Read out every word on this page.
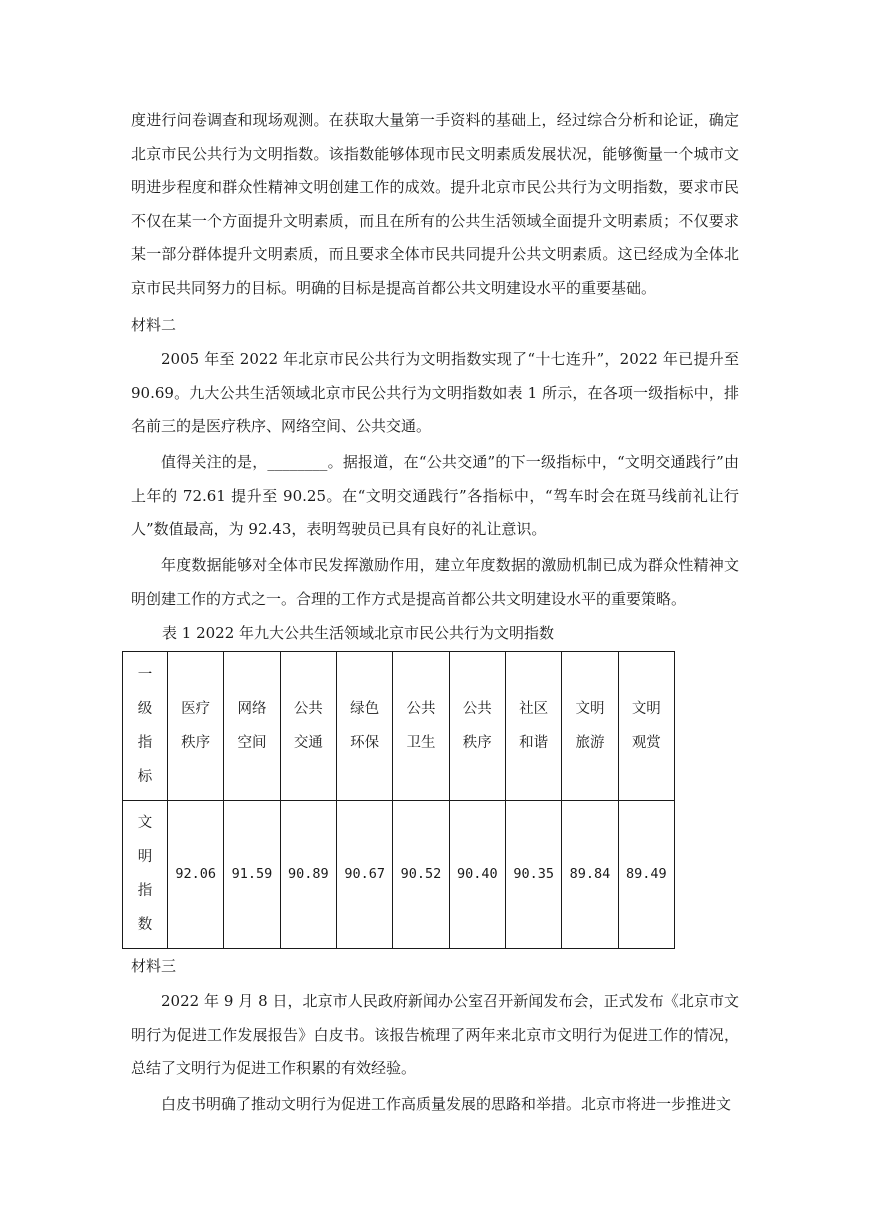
度进行问卷调查和现场观测。在获取大量第一手资料的基础上，经过综合分析和论证，确定北京市民公共行为文明指数。该指数能够体现市民文明素质发展状况，能够衡量一个城市文明进步程度和群众性精神文明创建工作的成效。提升北京市民公共行为文明指数，要求市民不仅在某一个方面提升文明素质，而且在所有的公共生活领域全面提升文明素质；不仅要求某一部分群体提升文明素质，而且要求全体市民共同提升公共文明素质。这已经成为全体北京市民共同努力的目标。明确的目标是提高首都公共文明建设水平的重要基础。

材料二

2005 年至 2022 年北京市民公共行为文明指数实现了“十七连升”，2022 年已提升至 90.69。九大公共生活领域北京市民公共行为文明指数如表 1 所示，在各项一级指标中，排名前三的是医疗秩序、网络空间、公共交通。

值得关注的是，________。据报道，在“公共交通”的下一级指标中，“文明交通践行”由上年的 72.61 提升至 90.25。在“文明交通践行”各指标中，“驾车时会在斑马线前礼让行人”数值最高，为 92.43，表明驾驶员已具有良好的礼让意识。

年度数据能够对全体市民发挥激励作用，建立年度数据的激励机制已成为群众性精神文明创建工作的方式之一。合理的工作方式是提高首都公共文明建设水平的重要策略。

表 1 2022 年九大公共生活领域北京市民公共行为文明指数

一级指标	医疗秩序	网络空间	公共交通	绿色环保	公共卫生	公共秩序	社区和谐	文明旅游	文明观赏
文明指数	92.06	91.59	90.89	90.67	90.52	90.40	90.35	89.84	89.49

材料三

2022 年 9 月 8 日，北京市人民政府新闻办公室召开新闻发布会，正式发布《北京市文明行为促进工作发展报告》白皮书。该报告梳理了两年来北京市文明行为促进工作的情况，总结了文明行为促进工作积累的有效经验。

白皮书明确了推动文明行为促进工作高质量发展的思路和举措。北京市将进一步推进文
